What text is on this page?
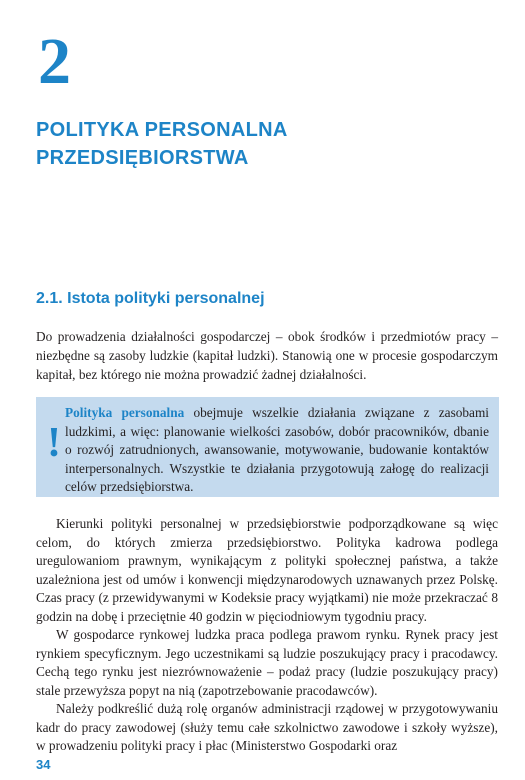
2
POLITYKA PERSONALNA PRZEDSIĘBIORSTWA
2.1. Istota polityki personalnej

Do prowadzenia działalności gospodarczej – obok środków i przedmiotów pracy – niezbędne są zasoby ludzkie (kapitał ludzki). Stanowią one w procesie gospodarczym kapitał, bez którego nie można prowadzić żadnej działalności.

!

Polityka personalna obejmuje wszelkie działania związane z zasobami ludzkimi, a więc: planowanie wielkości zasobów, dobór pracowników, dbanie o rozwój zatrudnionych, awansowanie, motywowanie, budowanie kontaktów interpersonalnych. Wszystkie te działania przygotowują załogę do realizacji celów przedsiębiorstwa.

Kierunki polityki personalnej w przedsiębiorstwie podporządkowane są więc celom, do których zmierza przedsiębiorstwo. Polityka kadrowa podlega uregulowaniom prawnym, wynikającym z polityki społecznej państwa, a także uzależniona jest od umów i konwencji międzynarodowych uznawanych przez Polskę. Czas pracy (z przewidywanymi w Kodeksie pracy wyjątkami) nie może przekraczać 8 godzin na dobę i przeciętnie 40 godzin w pięciodniowym tygodniu pracy.

W gospodarce rynkowej ludzka praca podlega prawom rynku. Rynek pracy jest rynkiem specyficznym. Jego uczestnikami są ludzie poszukujący pracy i pracodawcy. Cechą tego rynku jest niezrównoważenie – podaż pracy (ludzie poszukujący pracy) stale przewyższa popyt na nią (zapotrzebowanie pracodawców).

Należy podkreślić dużą rolę organów administracji rządowej w przygotowywaniu kadr do pracy zawodowej (służy temu całe szkolnictwo zawodowe i szkoły wyższe), w prowadzeniu polityki pracy i płac (Ministerstwo Gospodarki oraz

34
